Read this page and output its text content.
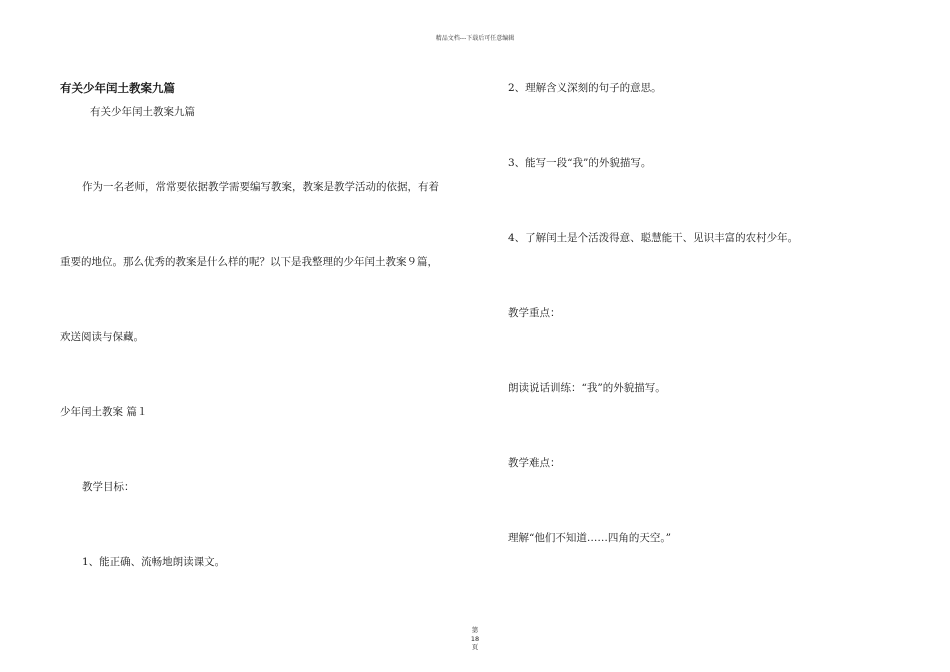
精品文档---下载后可任意编辑
有关少年闰土教案九篇
有关少年闰土教案九篇
作为一名老师，常常要依据教学需要编写教案，教案是教学活动的依据，有着
重要的地位。那么优秀的教案是什么样的呢？以下是我整理的少年闰土教案９篇，
欢送阅读与保藏。
少年闰土教案 篇１
教学目标：
1、能正确、流畅地朗读课文。
2、理解含义深刻的句子的意思。
3、能写一段“我”的外貌描写。
4、了解闰土是个活泼得意、聪慧能干、见识丰富的农村少年。
教学重点：
朗读说话训练：“我”的外貌描写。
教学难点：
理解“他们不知道……四角的天空。”
第
18
页
